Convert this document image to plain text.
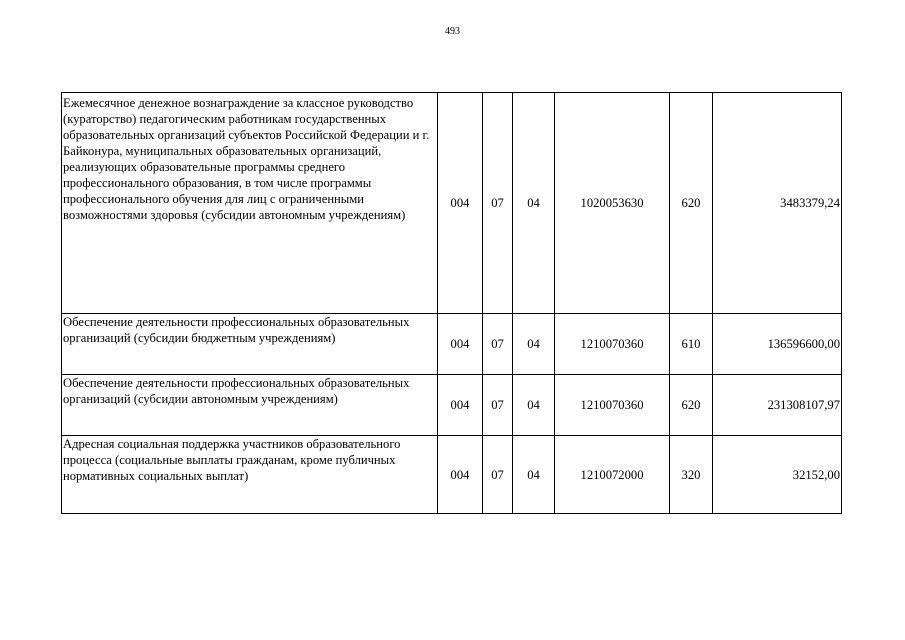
493
Ежемесячное денежное вознаграждение за классное руководство (кураторство) педагогическим работникам государственных образовательных организаций субъектов Российской Федерации и г. Байконура, муниципальных образовательных организаций, реализующих образовательные программы среднего профессионального образования, в том числе программы профессионального обучения для лиц с ограниченными возможностями здоровья (субсидии автономным учреждениям)	004	07	04	1020053630	620	3483379,24
Обеспечение деятельности профессиональных образовательных организаций (субсидии бюджетным учреждениям)	004	07	04	1210070360	610	136596600,00
Обеспечение деятельности профессиональных образовательных организаций (субсидии автономным учреждениям)	004	07	04	1210070360	620	231308107,97
Адресная социальная поддержка участников образовательного процесса (социальные выплаты гражданам, кроме публичных нормативных социальных выплат)	004	07	04	1210072000	320	32152,00
